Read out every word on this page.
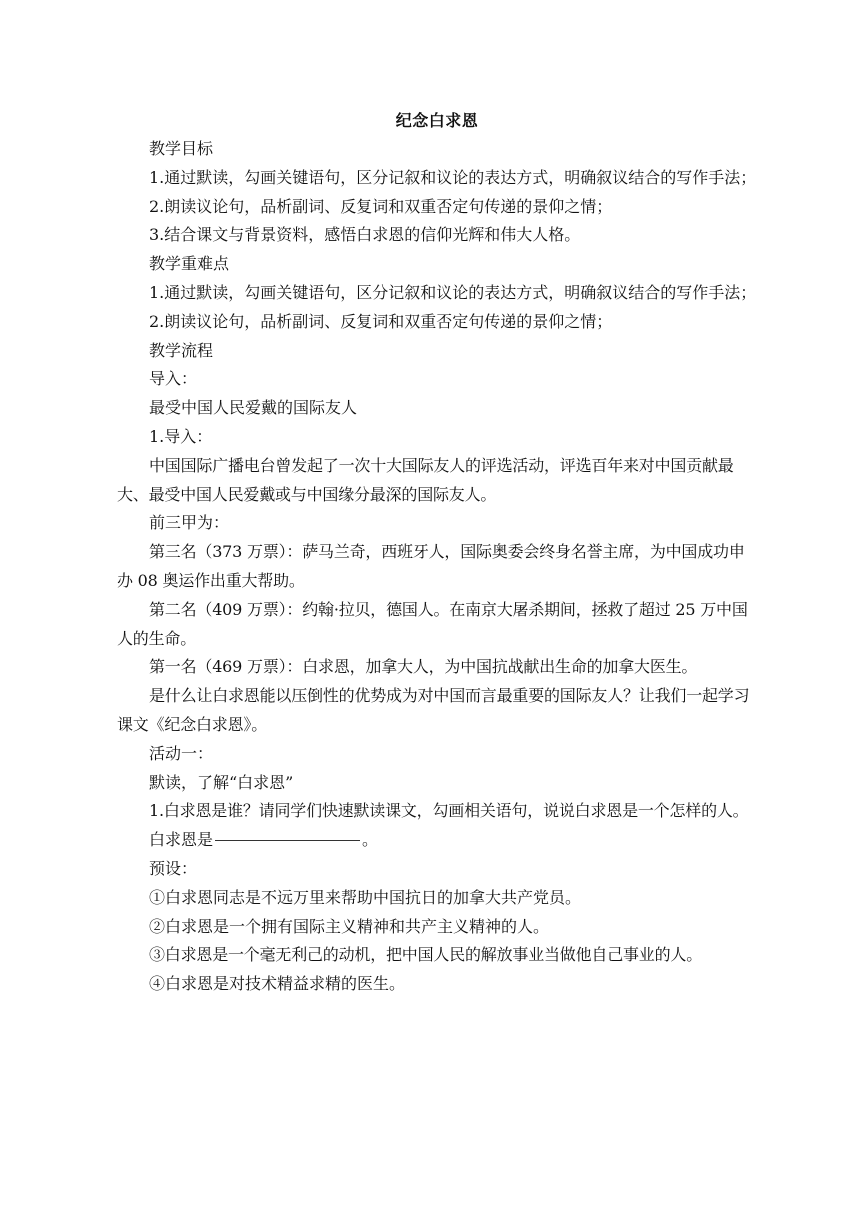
纪念白求恩

教学目标

1.通过默读，勾画关键语句，区分记叙和议论的表达方式，明确叙议结合的写作手法；

2.朗读议论句，品析副词、反复词和双重否定句传递的景仰之情；

3.结合课文与背景资料，感悟白求恩的信仰光辉和伟大人格。

教学重难点

1.通过默读，勾画关键语句，区分记叙和议论的表达方式，明确叙议结合的写作手法；

2.朗读议论句，品析副词、反复词和双重否定句传递的景仰之情；

教学流程

导入：

最受中国人民爱戴的国际友人

1.导入：

中国国际广播电台曾发起了一次十大国际友人的评选活动，评选百年来对中国贡献最大、最受中国人民爱戴或与中国缘分最深的国际友人。

前三甲为：

第三名（373 万票）：萨马兰奇，西班牙人，国际奥委会终身名誉主席，为中国成功申办 08 奥运作出重大帮助。

第二名（409 万票）：约翰·拉贝，德国人。在南京大屠杀期间，拯救了超过 25 万中国人的生命。

第一名（469 万票）：白求恩，加拿大人，为中国抗战献出生命的加拿大医生。

是什么让白求恩能以压倒性的优势成为对中国而言最重要的国际友人？让我们一起学习课文《纪念白求恩》。

活动一：

默读，了解“白求恩”

1.白求恩是谁？请同学们快速默读课文，勾画相关语句，说说白求恩是一个怎样的人。

白求恩是	。

预设：

①白求恩同志是不远万里来帮助中国抗日的加拿大共产党员。

②白求恩是一个拥有国际主义精神和共产主义精神的人。

③白求恩是一个毫无利己的动机，把中国人民的解放事业当做他自己事业的人。

④白求恩是对技术精益求精的医生。
